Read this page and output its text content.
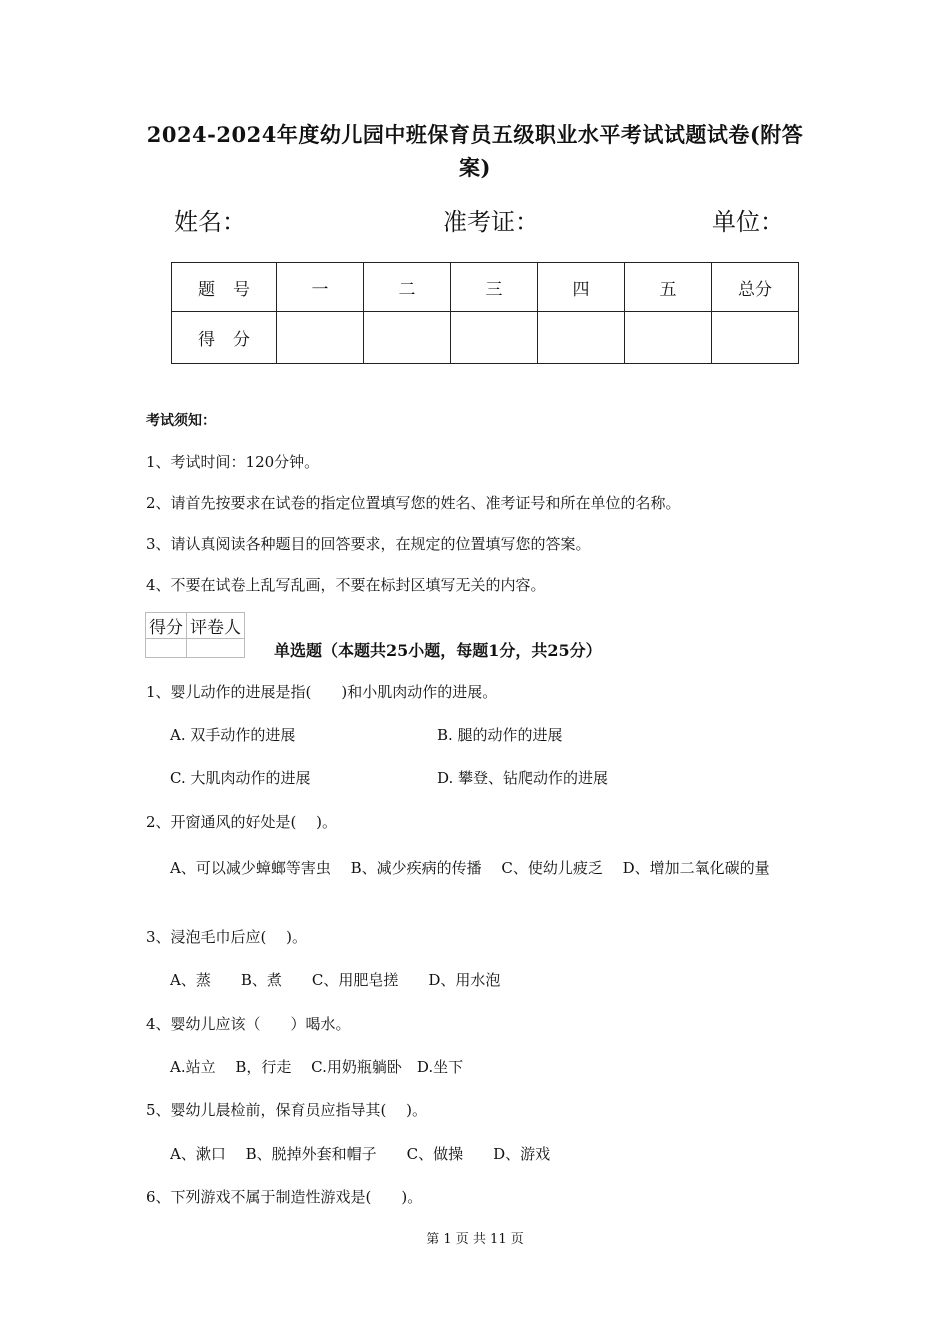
2024-2024年度幼儿园中班保育员五级职业水平考试试题试卷(附答案)
姓名：	准考证：	单位：
题号	一	二	三	四	五	总分
得分						
考试须知：
1、考试时间：120分钟。
2、请首先按要求在试卷的指定位置填写您的姓名、准考证号和所在单位的名称。
3、请认真阅读各种题目的回答要求，在规定的位置填写您的答案。
4、不要在试卷上乱写乱画，不要在标封区填写无关的内容。
得分	评卷人

单选题（本题共25小题，每题1分，共25分）
1、婴儿动作的进展是指(　　)和小肌肉动作的进展。
A. 双手动作的进展	B. 腿的动作的进展
C. 大肌肉动作的进展	D. 攀登、钻爬动作的进展
2、开窗通风的好处是(　 )。
A、可以减少蟑螂等害虫　 B、减少疾病的传播　 C、使幼儿疲乏　 D、增加二氧化碳的量
3、浸泡毛巾后应(　 )。
A、蒸　　B、煮　　C、用肥皂搓　　D、用水泡
4、婴幼儿应该（　　）喝水。
A.站立　 B，行走　 C.用奶瓶躺卧　D.坐下
5、婴幼儿晨检前，保育员应指导其(　 )。
A、漱口　 B、脱掉外套和帽子　　C、做操　　D、游戏
6、下列游戏不属于制造性游戏是(　　)。
第 1 页 共 11 页
